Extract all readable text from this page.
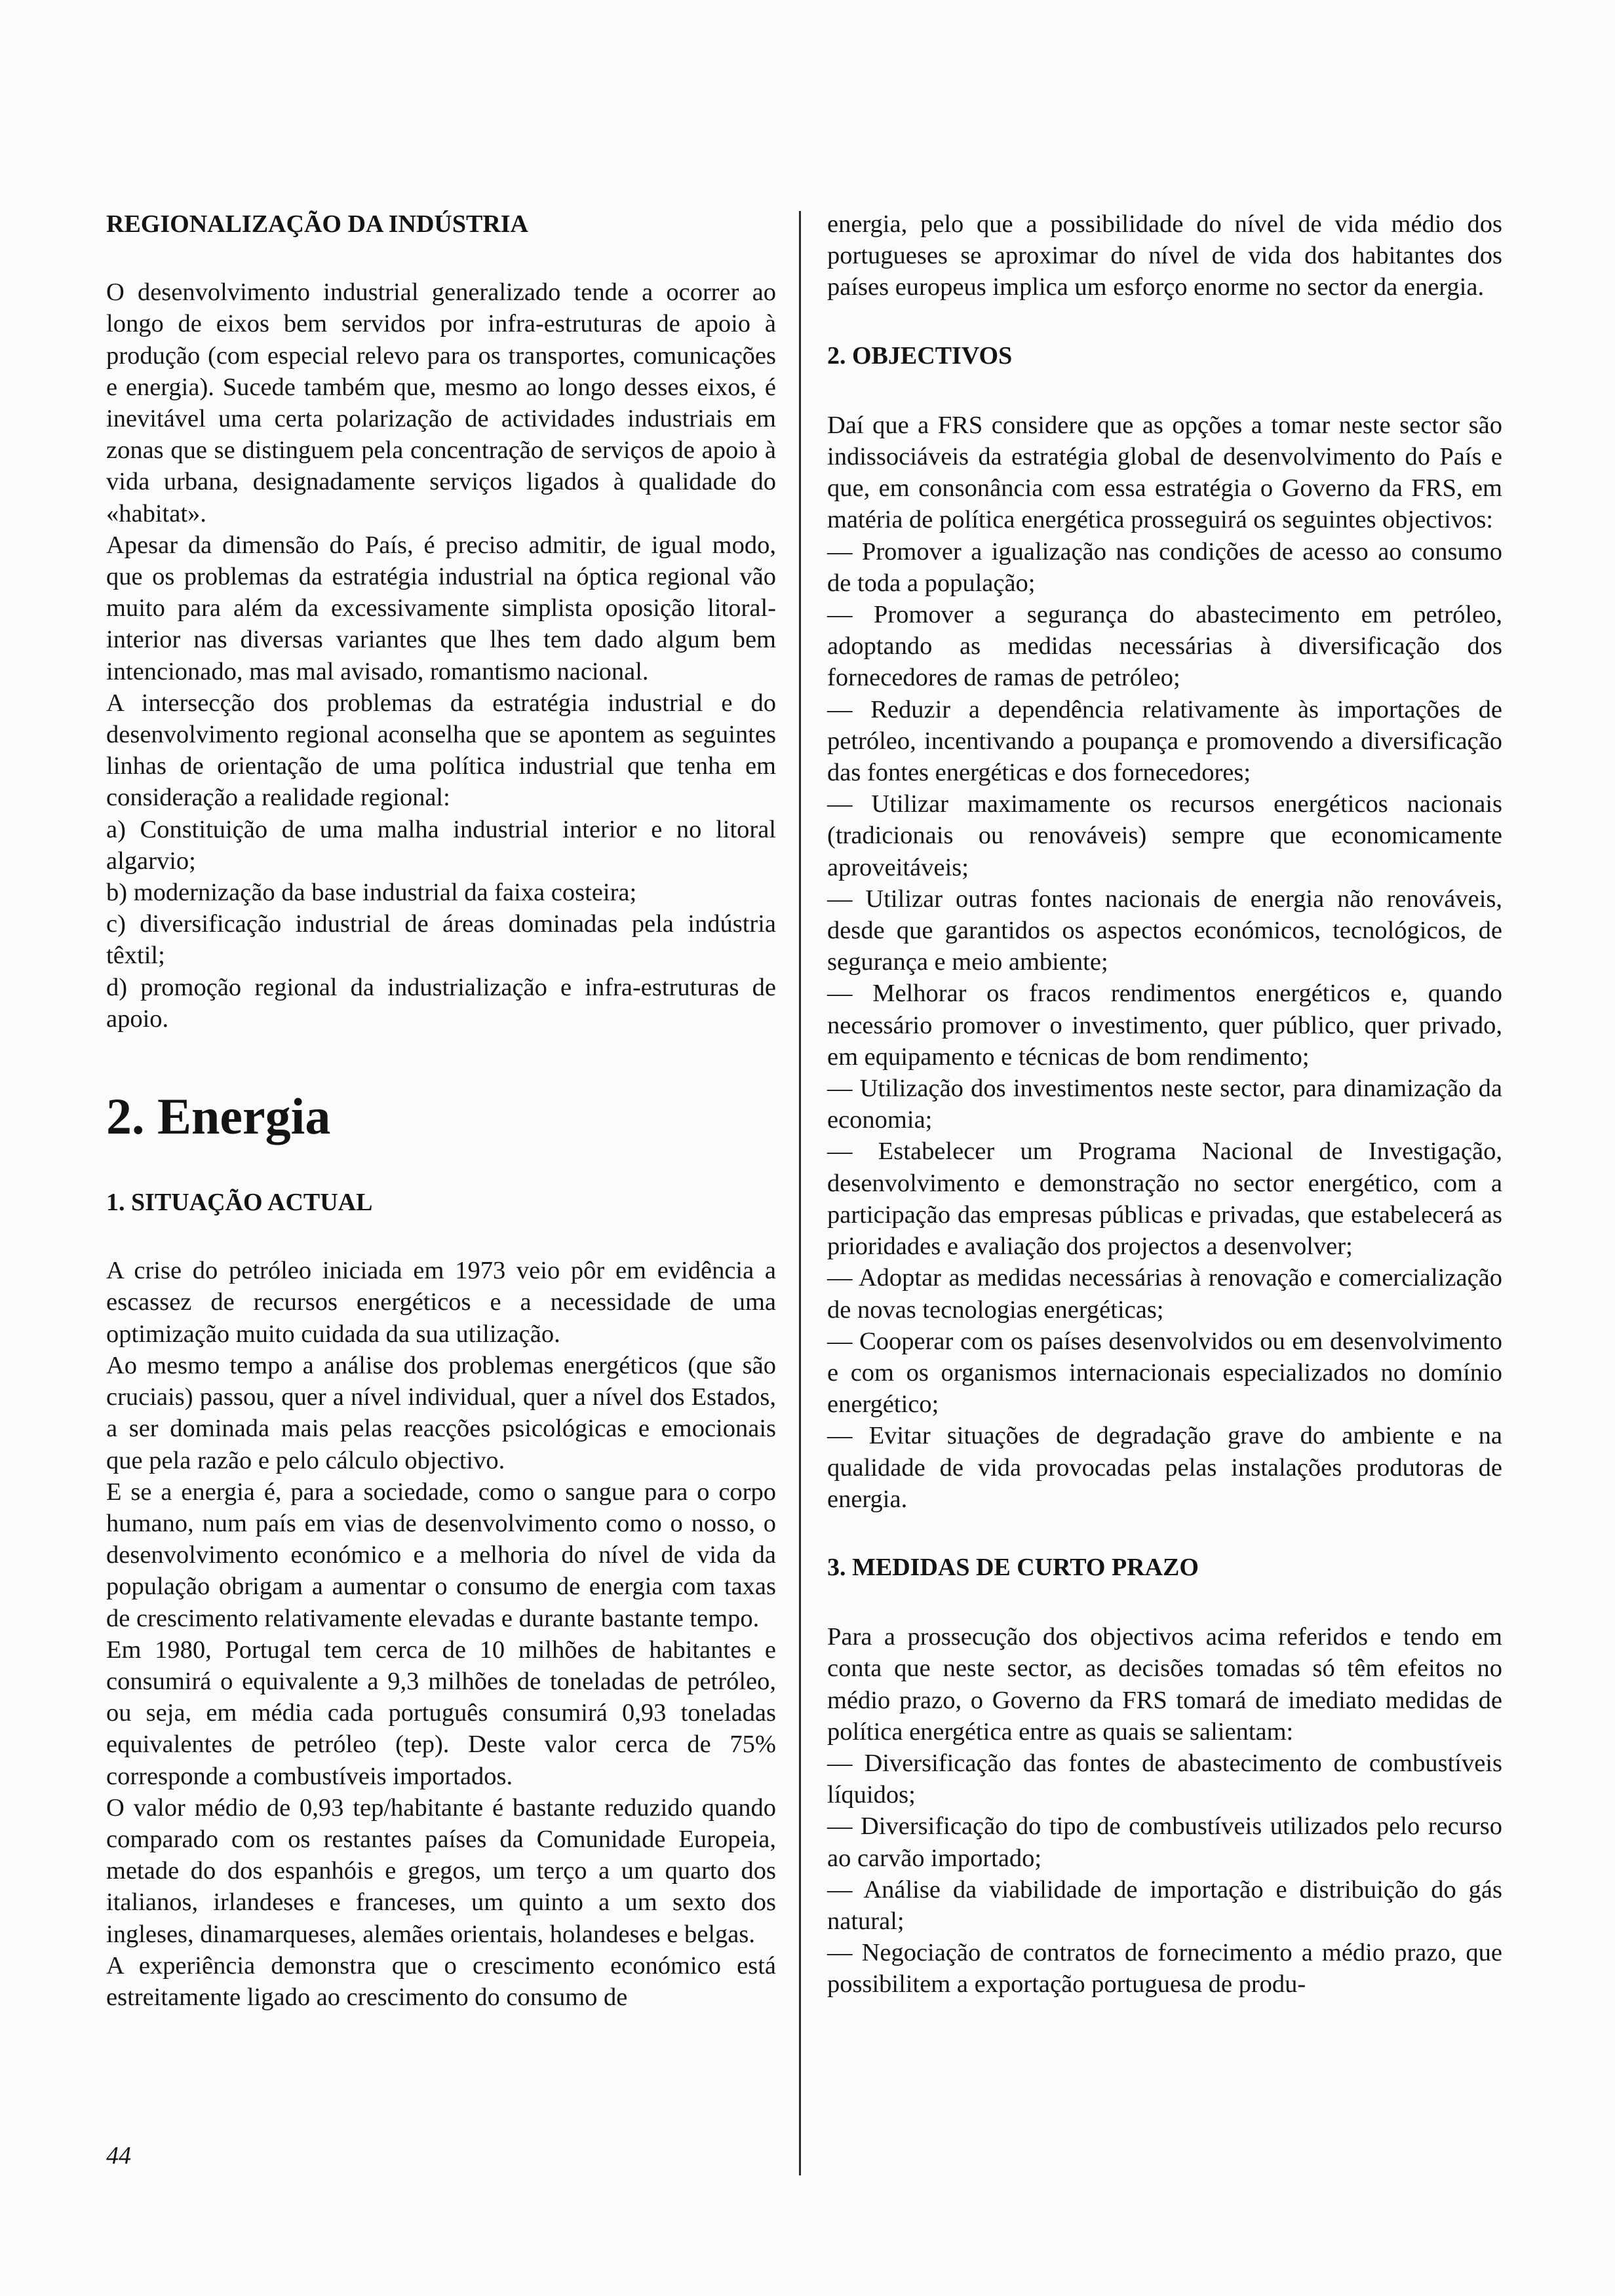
REGIONALIZAÇÃO DA INDÚSTRIA

O desenvolvimento industrial generalizado tende a ocorrer ao longo de eixos bem servidos por infra-estruturas de apoio à produção (com especial relevo para os transportes, comunicações e energia). Sucede também que, mesmo ao longo desses eixos, é inevitável uma certa polarização de actividades industriais em zonas que se distinguem pela concentração de serviços de apoio à vida urbana, designadamente serviços ligados à qualidade do «habitat».

Apesar da dimensão do País, é preciso admitir, de igual modo, que os problemas da estratégia industrial na óptica regional vão muito para além da excessivamente simplista oposição litoral-interior nas diversas variantes que lhes tem dado algum bem intencionado, mas mal avisado, romantismo nacional.

A intersecção dos problemas da estratégia industrial e do desenvolvimento regional aconselha que se apontem as seguintes linhas de orientação de uma política industrial que tenha em consideração a realidade regional:

a) Constituição de uma malha industrial interior e no litoral algarvio;

b) modernização da base industrial da faixa costeira;

c) diversificação industrial de áreas dominadas pela indústria têxtil;

d) promoção regional da industrialização e infra-estruturas de apoio.

2. Energia

1. SITUAÇÃO ACTUAL

A crise do petróleo iniciada em 1973 veio pôr em evidência a escassez de recursos energéticos e a necessidade de uma optimização muito cuidada da sua utilização.

Ao mesmo tempo a análise dos problemas energéticos (que são cruciais) passou, quer a nível individual, quer a nível dos Estados, a ser dominada mais pelas reacções psicológicas e emocionais que pela razão e pelo cálculo objectivo.

E se a energia é, para a sociedade, como o sangue para o corpo humano, num país em vias de desenvolvimento como o nosso, o desenvolvimento económico e a melhoria do nível de vida da população obrigam a aumentar o consumo de energia com taxas de crescimento relativamente elevadas e durante bastante tempo.

Em 1980, Portugal tem cerca de 10 milhões de habitantes e consumirá o equivalente a 9,3 milhões de toneladas de petróleo, ou seja, em média cada português consumirá 0,93 toneladas equivalentes de petróleo (tep). Deste valor cerca de 75% corresponde a combustíveis importados.

O valor médio de 0,93 tep/habitante é bastante reduzido quando comparado com os restantes países da Comunidade Europeia, metade do dos espanhóis e gregos, um terço a um quarto dos italianos, irlandeses e franceses, um quinto a um sexto dos ingleses, dinamarqueses, alemães orientais, holandeses e belgas.

A experiência demonstra que o crescimento económico está estreitamente ligado ao crescimento do consumo de

energia, pelo que a possibilidade do nível de vida médio dos portugueses se aproximar do nível de vida dos habitantes dos países europeus implica um esforço enorme no sector da energia.

2. OBJECTIVOS

Daí que a FRS considere que as opções a tomar neste sector são indissociáveis da estratégia global de desenvolvimento do País e que, em consonância com essa estratégia o Governo da FRS, em matéria de política energética prosseguirá os seguintes objectivos:

— Promover a igualização nas condições de acesso ao consumo de toda a população;

— Promover a segurança do abastecimento em petróleo, adoptando as medidas necessárias à diversificação dos fornecedores de ramas de petróleo;

— Reduzir a dependência relativamente às importações de petróleo, incentivando a poupança e promovendo a diversificação das fontes energéticas e dos fornecedores;

— Utilizar maximamente os recursos energéticos nacionais (tradicionais ou renováveis) sempre que economicamente aproveitáveis;

— Utilizar outras fontes nacionais de energia não renováveis, desde que garantidos os aspectos económicos, tecnológicos, de segurança e meio ambiente;

— Melhorar os fracos rendimentos energéticos e, quando necessário promover o investimento, quer público, quer privado, em equipamento e técnicas de bom rendimento;

— Utilização dos investimentos neste sector, para dinamização da economia;

— Estabelecer um Programa Nacional de Investigação, desenvolvimento e demonstração no sector energético, com a participação das empresas públicas e privadas, que estabelecerá as prioridades e avaliação dos projectos a desenvolver;

— Adoptar as medidas necessárias à renovação e comercialização de novas tecnologias energéticas;

— Cooperar com os países desenvolvidos ou em desenvolvimento e com os organismos internacionais especializados no domínio energético;

— Evitar situações de degradação grave do ambiente e na qualidade de vida provocadas pelas instalações produtoras de energia.

3. MEDIDAS DE CURTO PRAZO

Para a prossecução dos objectivos acima referidos e tendo em conta que neste sector, as decisões tomadas só têm efeitos no médio prazo, o Governo da FRS tomará de imediato medidas de política energética entre as quais se salientam:

— Diversificação das fontes de abastecimento de combustíveis líquidos;

— Diversificação do tipo de combustíveis utilizados pelo recurso ao carvão importado;

— Análise da viabilidade de importação e distribuição do gás natural;

— Negociação de contratos de fornecimento a médio prazo, que possibilitem a exportação portuguesa de produ-

44
